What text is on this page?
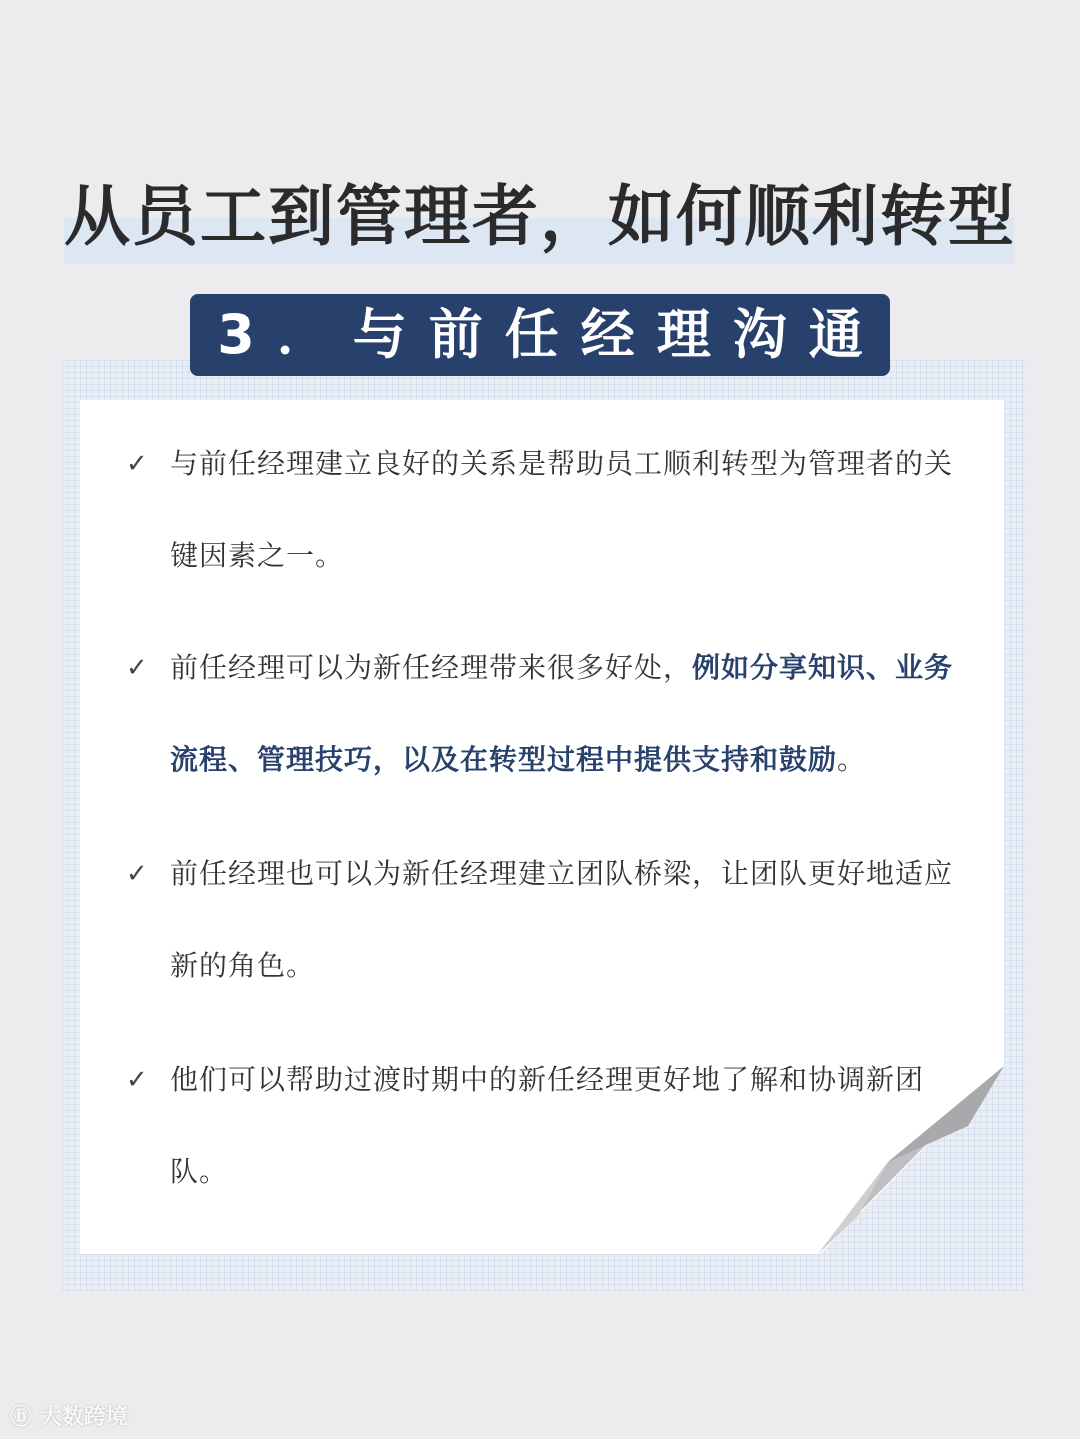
从员工到管理者，如何顺利转型
3．与前任经理沟通
✓ 与前任经理建立良好的关系是帮助员工顺利转型为管理者的关键因素之一。
✓ 前任经理可以为新任经理带来很多好处，例如分享知识、业务流程、管理技巧，以及在转型过程中提供支持和鼓励。
✓ 前任经理也可以为新任经理建立团队桥梁，让团队更好地适应新的角色。
✓ 他们可以帮助过渡时期中的新任经理更好地了解和协调新团队。
ⓑ 大数跨境
